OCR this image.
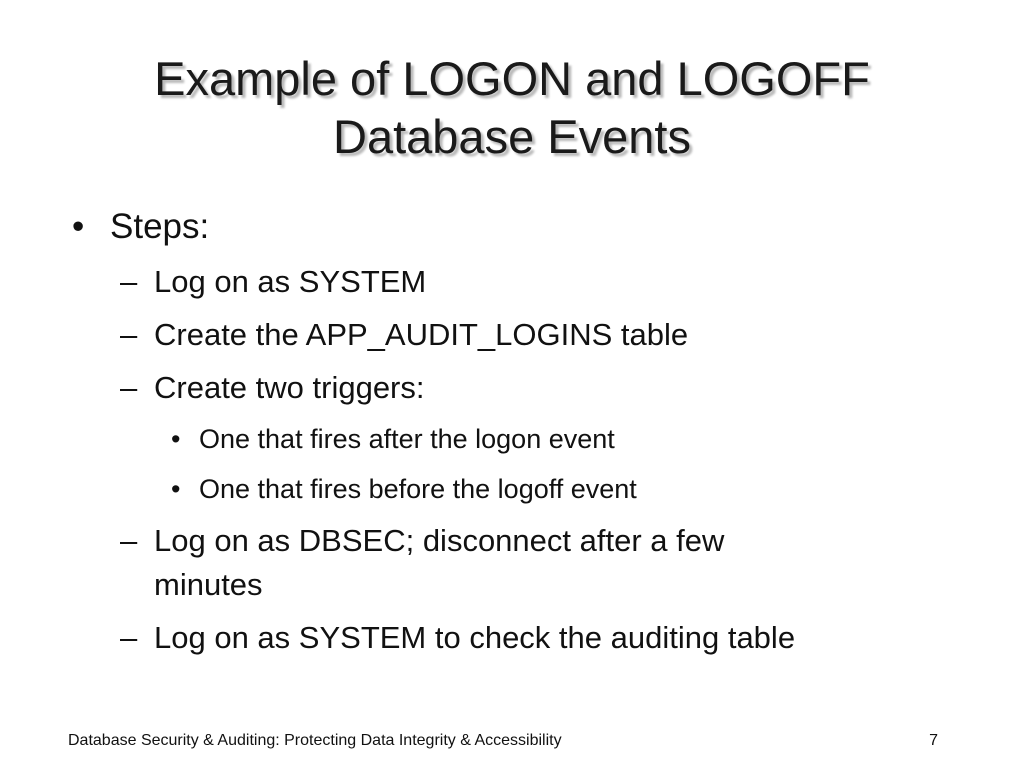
Example of LOGON and LOGOFF
Database Events
• Steps:
– Log on as SYSTEM
– Create the APP_AUDIT_LOGINS table
– Create two triggers:
• One that fires after the logon event
• One that fires before the logoff event
– Log on as DBSEC; disconnect after a few
minutes
– Log on as SYSTEM to check the auditing table
Database Security & Auditing: Protecting Data Integrity & Accessibility	7
